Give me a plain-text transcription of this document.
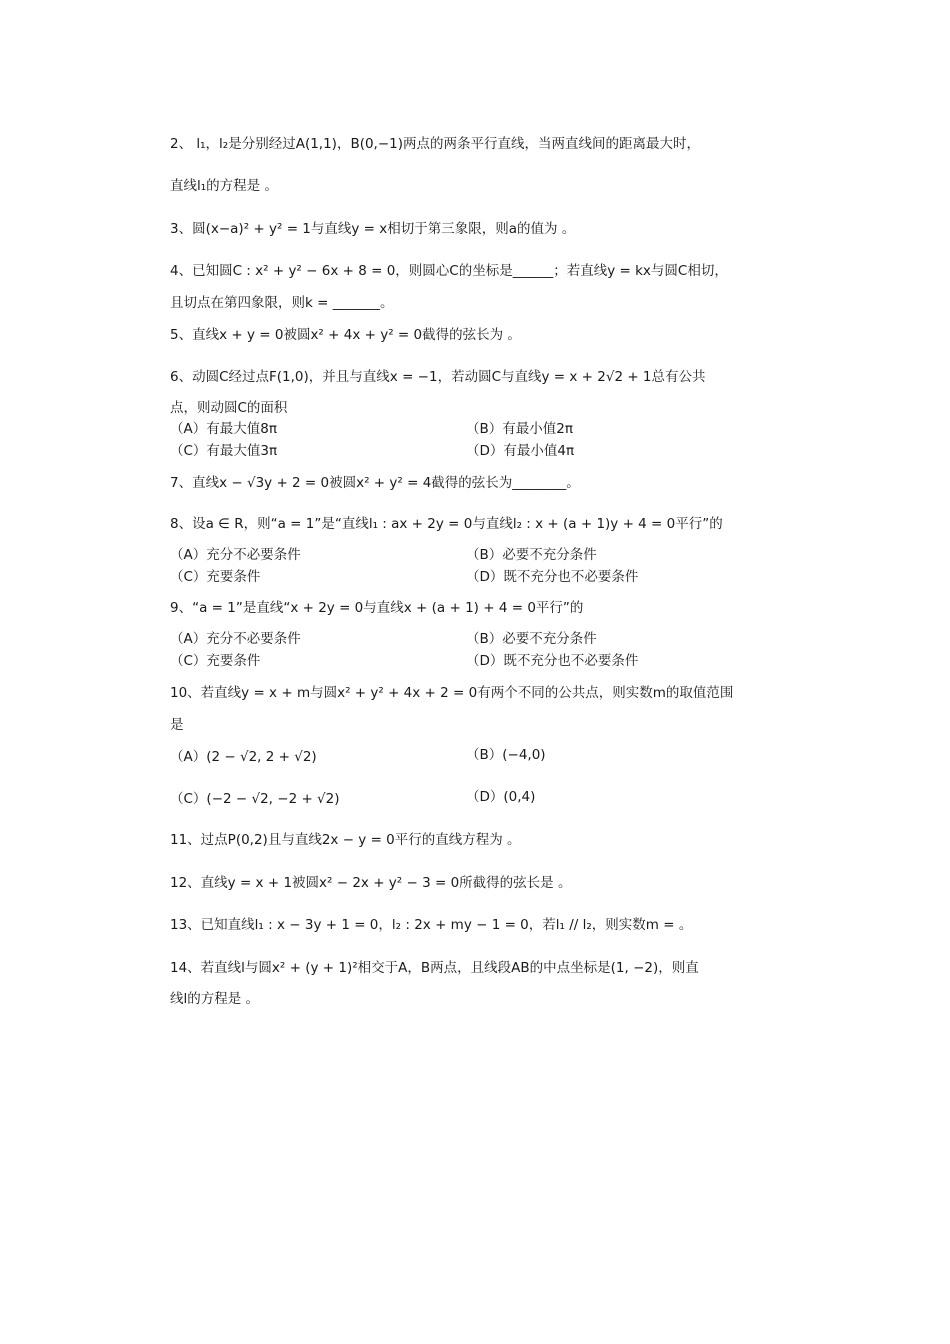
2、 l₁，l₂是分别经过A(1,1)，B(0,−1)两点的两条平行直线，当两直线间的距离最大时，
直线l₁的方程是 。
3、圆(x−a)² + y² = 1与直线y = x相切于第三象限，则a的值为 。
4、已知圆C : x² + y² − 6x + 8 = 0，则圆心C的坐标是______；若直线y = kx与圆C相切，
且切点在第四象限，则k = _______。
5、直线x + y = 0被圆x² + 4x + y² = 0截得的弦长为 。
6、动圆C经过点F(1,0)，并且与直线x = −1，若动圆C与直线y = x + 2√2 + 1总有公共
点，则动圆C的面积
（A）有最大值8π	（B）有最小值2π
（C）有最大值3π	（D）有最小值4π
7、直线x − √3y + 2 = 0被圆x² + y² = 4截得的弦长为________。
8、设a ∈ R，则“a = 1”是“直线l₁ : ax + 2y = 0与直线l₂ : x + (a + 1)y + 4 = 0平行”的
（A）充分不必要条件	（B）必要不充分条件
（C）充要条件	（D）既不充分也不必要条件
9、“a = 1”是直线“x + 2y = 0与直线x + (a + 1) + 4 = 0平行”的
（A）充分不必要条件	（B）必要不充分条件
（C）充要条件	（D）既不充分也不必要条件
10、若直线y = x + m与圆x² + y² + 4x + 2 = 0有两个不同的公共点，则实数m的取值范围
是
（A）(2 − √2, 2 + √2)	（B）(−4,0)
（C）(−2 − √2, −2 + √2)	（D）(0,4)
11、过点P(0,2)且与直线2x − y = 0平行的直线方程为 。
12、直线y = x + 1被圆x² − 2x + y² − 3 = 0所截得的弦长是 。
13、已知直线l₁ : x − 3y + 1 = 0，l₂ : 2x + my − 1 = 0，若l₁ // l₂，则实数m = 。
14、若直线l与圆x² + (y + 1)²相交于A，B两点，且线段AB的中点坐标是(1, −2)，则直
线l的方程是 。
